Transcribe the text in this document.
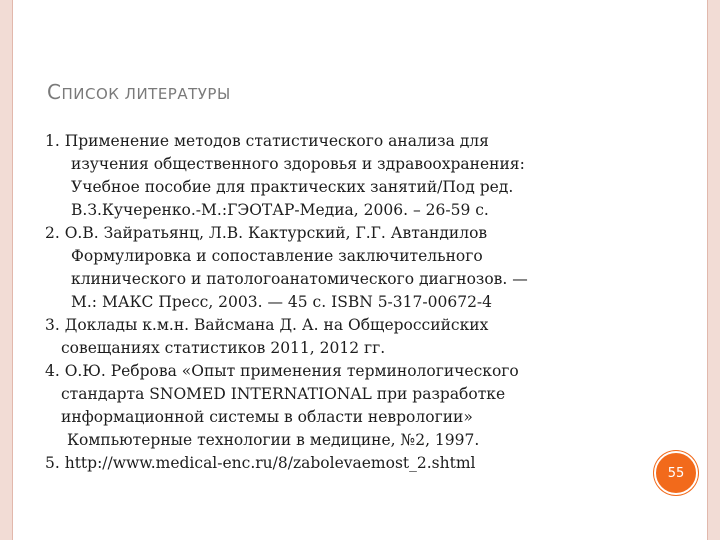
СПИСОК ЛИТЕРАТУРЫ
1. Применение методов статистического анализа для
изучения общественного здоровья и здравоохранения:
Учебное пособие для практических занятий/Под ред.
В.З.Кучеренко.-М.:ГЭОТАР-Медиа, 2006. – 26-59 с.
2. О.В. Зайратьянц, Л.В. Кактурский, Г.Г. Автандилов
Формулировка и сопоставление заключительного
клинического и патологоанатомического диагнозов. —
М.: МАКС Пресс, 2003. — 45 с. ISBN 5-317-00672-4
3. Доклады к.м.н. Вайсмана Д. А. на Общероссийских
совещаниях статистиков 2011, 2012 гг.
4. О.Ю. Реброва «Опыт применения терминологического
стандарта SNOMED INTERNATIONAL при разработке
информационной системы в области неврологии»
Компьютерные технологии в медицине, №2, 1997.
5. http://www.medical-enc.ru/8/zabolevaemost_2.shtml
55
